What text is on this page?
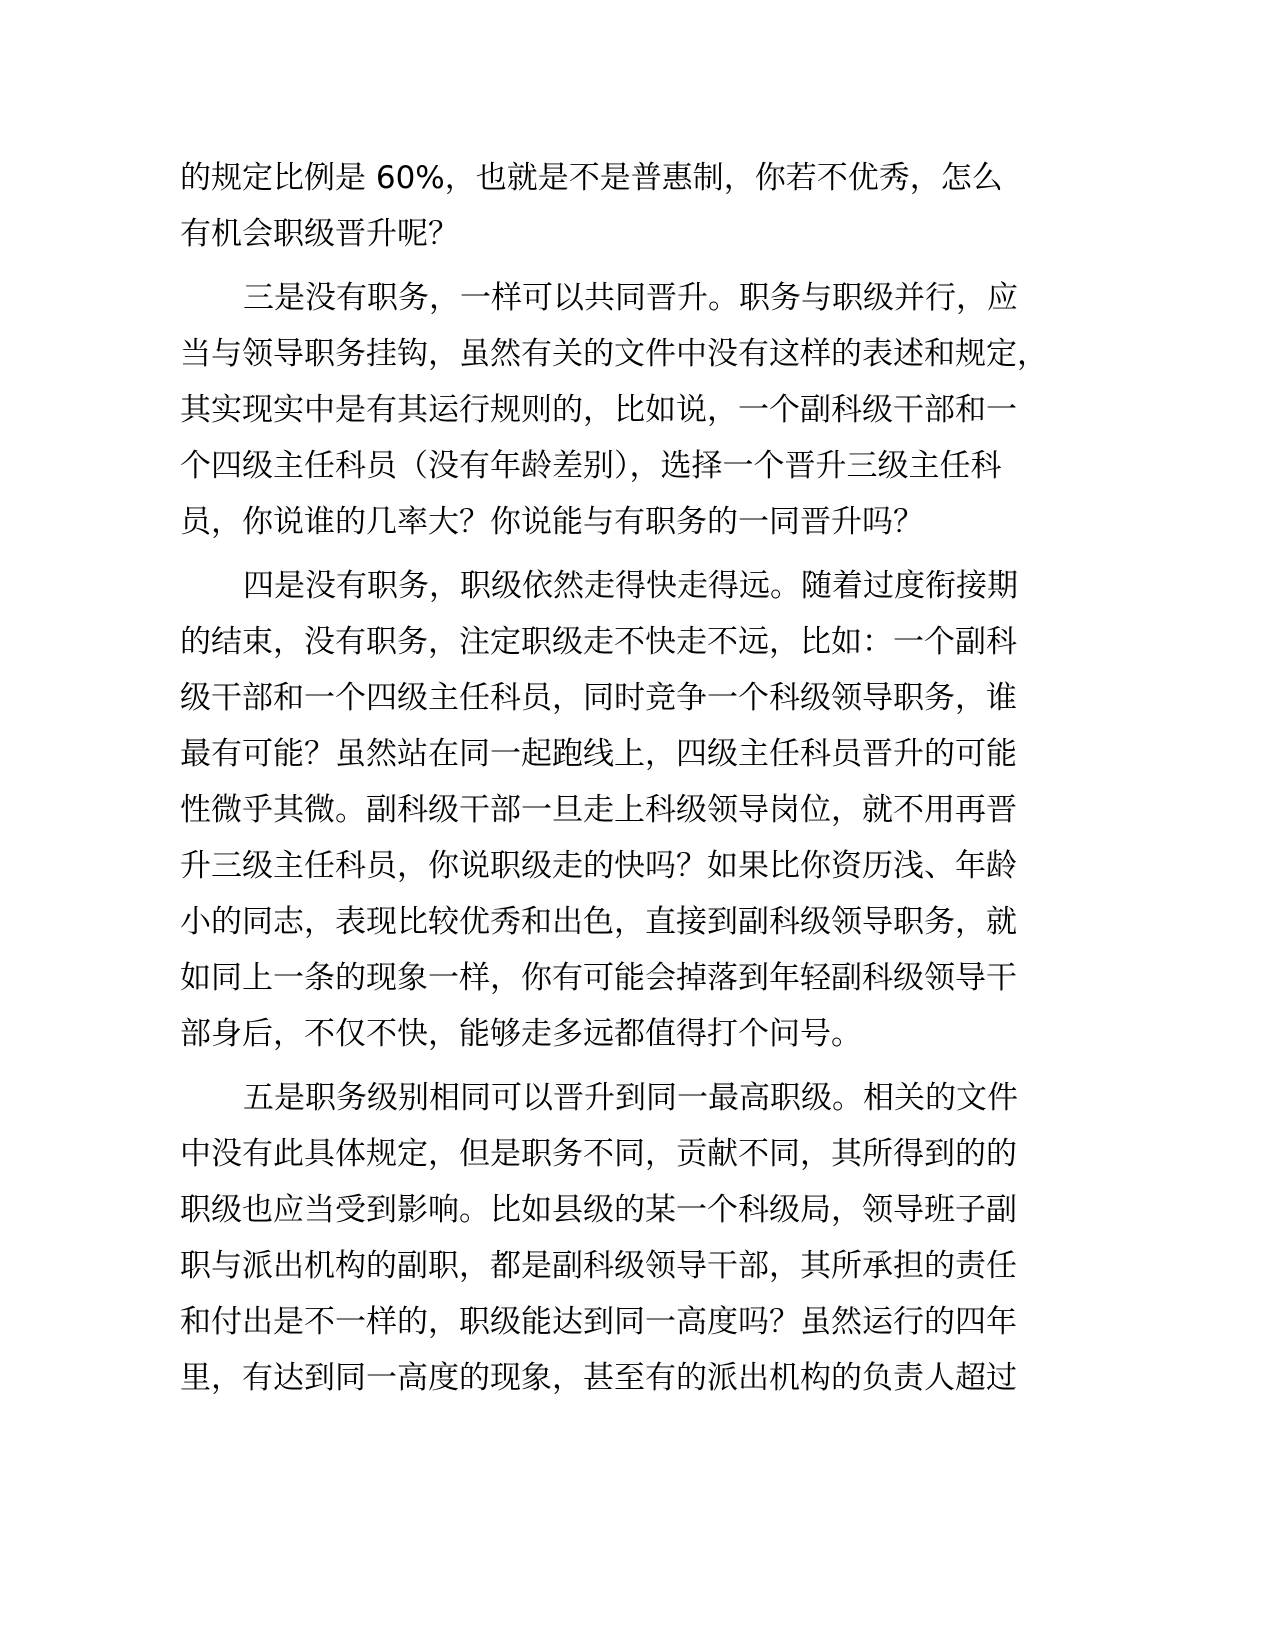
的规定比例是 60%，也就是不是普惠制，你若不优秀，怎么
有机会职级晋升呢？
三是没有职务，一样可以共同晋升。职务与职级并行，应
当与领导职务挂钩，虽然有关的文件中没有这样的表述和规定，
其实现实中是有其运行规则的，比如说，一个副科级干部和一
个四级主任科员（没有年龄差别），选择一个晋升三级主任科
员，你说谁的几率大？你说能与有职务的一同晋升吗？
四是没有职务，职级依然走得快走得远。随着过度衔接期
的结束，没有职务，注定职级走不快走不远，比如：一个副科
级干部和一个四级主任科员，同时竞争一个科级领导职务，谁
最有可能？虽然站在同一起跑线上，四级主任科员晋升的可能
性微乎其微。副科级干部一旦走上科级领导岗位，就不用再晋
升三级主任科员，你说职级走的快吗？如果比你资历浅、年龄
小的同志，表现比较优秀和出色，直接到副科级领导职务，就
如同上一条的现象一样，你有可能会掉落到年轻副科级领导干
部身后，不仅不快，能够走多远都值得打个问号。
五是职务级别相同可以晋升到同一最高职级。相关的文件
中没有此具体规定，但是职务不同，贡献不同，其所得到的的
职级也应当受到影响。比如县级的某一个科级局，领导班子副
职与派出机构的副职，都是副科级领导干部，其所承担的责任
和付出是不一样的，职级能达到同一高度吗？虽然运行的四年
里，有达到同一高度的现象，甚至有的派出机构的负责人超过
